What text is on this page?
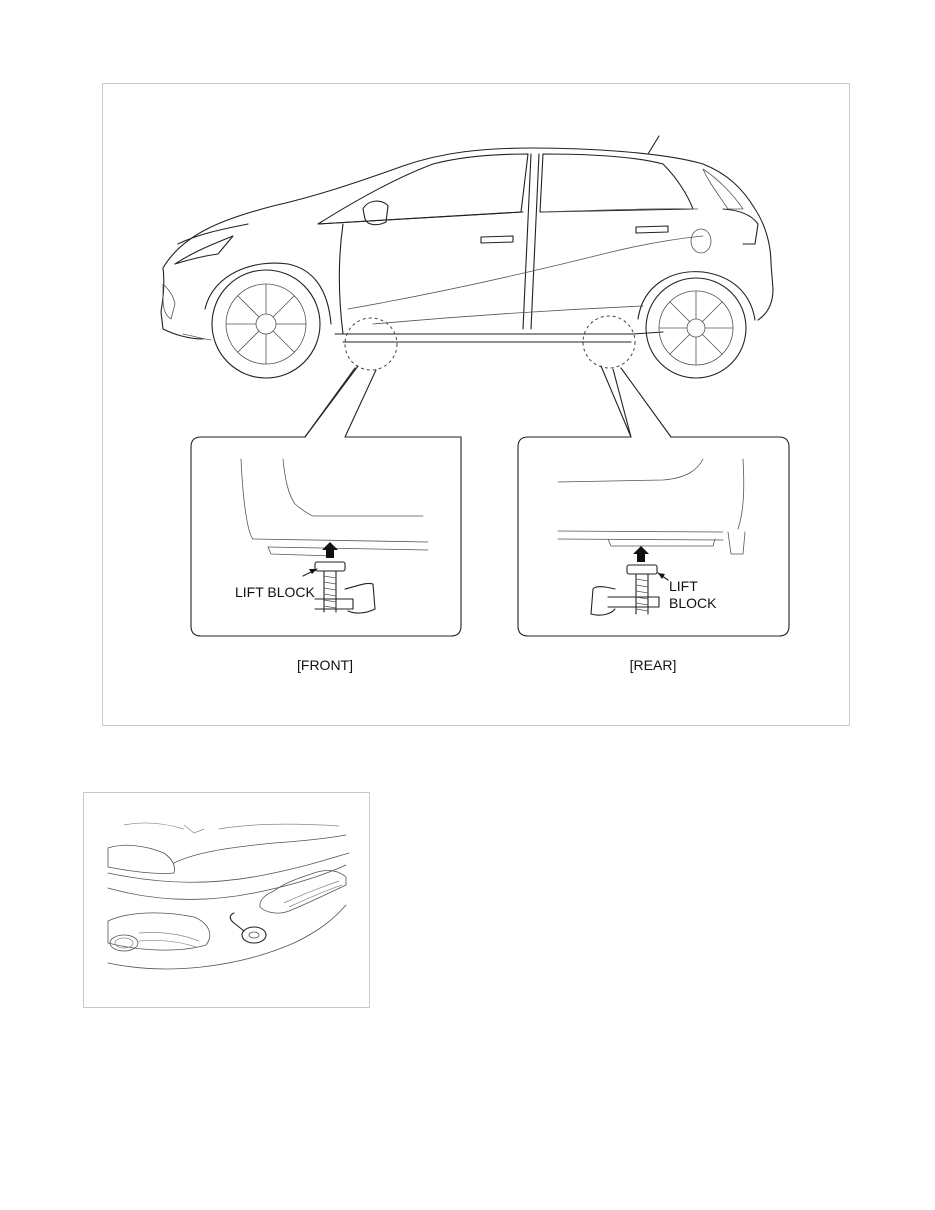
LIFT BLOCK	LIFT
BLOCK
[FRONT]	[REAR]
